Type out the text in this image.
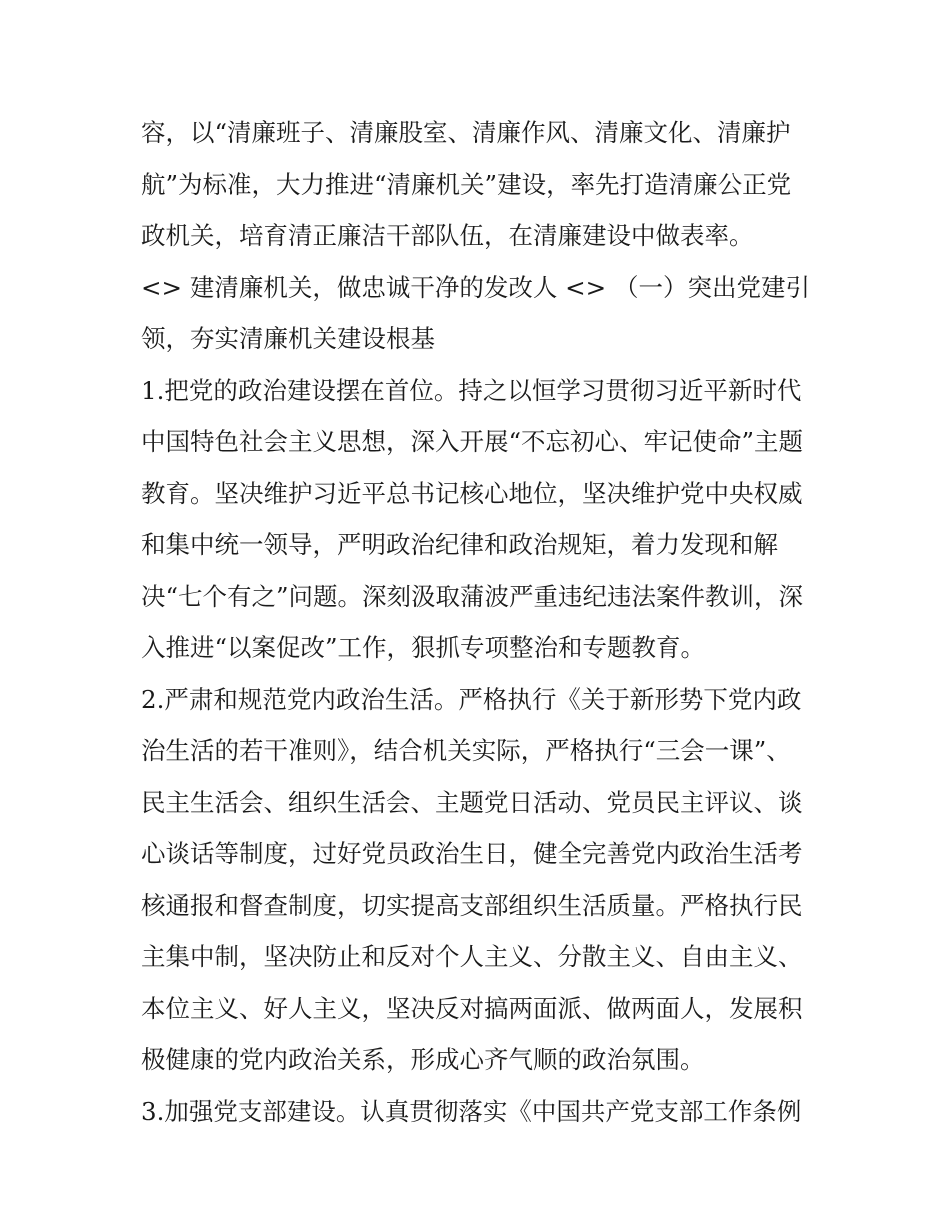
容，以“清廉班子、清廉股室、清廉作风、清廉文化、清廉护
航”为标准，大力推进“清廉机关”建设，率先打造清廉公正党
政机关，培育清正廉洁干部队伍，在清廉建设中做表率。
<> 建清廉机关，做忠诚干净的发改人 <> （一）突出党建引
领，夯实清廉机关建设根基
1.把党的政治建设摆在首位。持之以恒学习贯彻习近平新时代
中国特色社会主义思想，深入开展“不忘初心、牢记使命”主题
教育。坚决维护习近平总书记核心地位，坚决维护党中央权威
和集中统一领导，严明政治纪律和政治规矩，着力发现和解
决“七个有之”问题。深刻汲取蒲波严重违纪违法案件教训，深
入推进“以案促改”工作，狠抓专项整治和专题教育。
2.严肃和规范党内政治生活。严格执行《关于新形势下党内政
治生活的若干准则》，结合机关实际，严格执行“三会一课”、
民主生活会、组织生活会、主题党日活动、党员民主评议、谈
心谈话等制度，过好党员政治生日，健全完善党内政治生活考
核通报和督查制度，切实提高支部组织生活质量。严格执行民
主集中制，坚决防止和反对个人主义、分散主义、自由主义、
本位主义、好人主义，坚决反对搞两面派、做两面人，发展积
极健康的党内政治关系，形成心齐气顺的政治氛围。
3.加强党支部建设。认真贯彻落实《中国共产党支部工作条例
